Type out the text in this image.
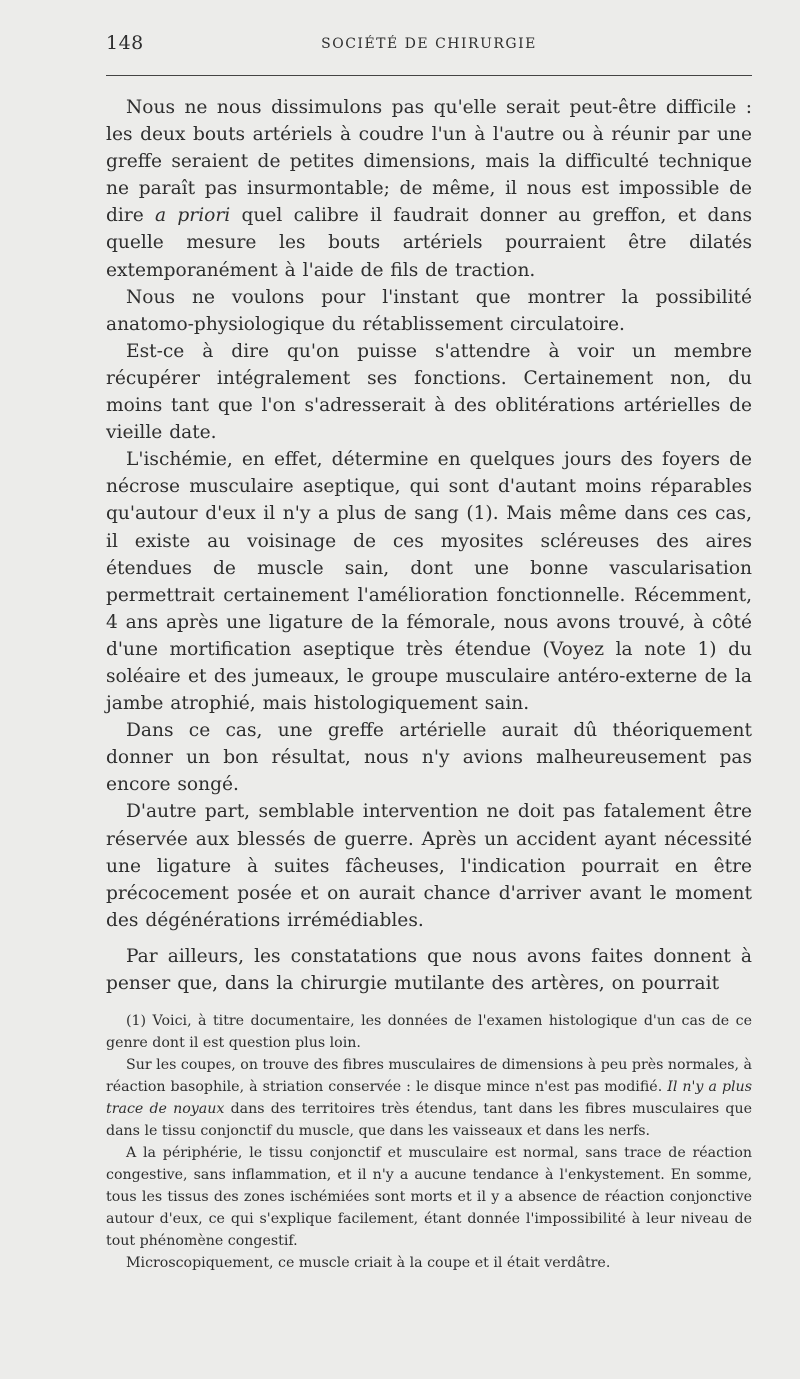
148	SOCIÉTÉ DE CHIRURGIE

Nous ne nous dissimulons pas qu'elle serait peut-être difficile : les deux bouts artériels à coudre l'un à l'autre ou à réunir par une greffe seraient de petites dimensions, mais la difficulté technique ne paraît pas insurmontable; de même, il nous est impossible de dire a priori quel calibre il faudrait donner au greffon, et dans quelle mesure les bouts artériels pourraient être dilatés extemporanément à l'aide de fils de traction.

Nous ne voulons pour l'instant que montrer la possibilité anatomo-physiologique du rétablissement circulatoire.

Est-ce à dire qu'on puisse s'attendre à voir un membre récupérer intégralement ses fonctions. Certainement non, du moins tant que l'on s'adresserait à des oblitérations artérielles de vieille date.

L'ischémie, en effet, détermine en quelques jours des foyers de nécrose musculaire aseptique, qui sont d'autant moins réparables qu'autour d'eux il n'y a plus de sang (1). Mais même dans ces cas, il existe au voisinage de ces myosites scléreuses des aires étendues de muscle sain, dont une bonne vascularisation permettrait certainement l'amélioration fonctionnelle. Récemment, 4 ans après une ligature de la fémorale, nous avons trouvé, à côté d'une mortification aseptique très étendue (Voyez la note 1) du soléaire et des jumeaux, le groupe musculaire antéro-externe de la jambe atrophié, mais histologiquement sain.

Dans ce cas, une greffe artérielle aurait dû théoriquement donner un bon résultat, nous n'y avions malheureusement pas encore songé.

D'autre part, semblable intervention ne doit pas fatalement être réservée aux blessés de guerre. Après un accident ayant nécessité une ligature à suites fâcheuses, l'indication pourrait en être précocement posée et on aurait chance d'arriver avant le moment des dégénérations irrémédiables.

Par ailleurs, les constatations que nous avons faites donnent à penser que, dans la chirurgie mutilante des artères, on pourrait

(1) Voici, à titre documentaire, les données de l'examen histologique d'un cas de ce genre dont il est question plus loin.

Sur les coupes, on trouve des fibres musculaires de dimensions à peu près normales, à réaction basophile, à striation conservée : le disque mince n'est pas modifié. Il n'y a plus trace de noyaux dans des territoires très étendus, tant dans les fibres musculaires que dans le tissu conjonctif du muscle, que dans les vaisseaux et dans les nerfs.

A la périphérie, le tissu conjonctif et musculaire est normal, sans trace de réaction congestive, sans inflammation, et il n'y a aucune tendance à l'enkystement. En somme, tous les tissus des zones ischémiées sont morts et il y a absence de réaction conjonctive autour d'eux, ce qui s'explique facilement, étant donnée l'impossibilité à leur niveau de tout phénomène congestif.

Microscopiquement, ce muscle criait à la coupe et il était verdâtre.
